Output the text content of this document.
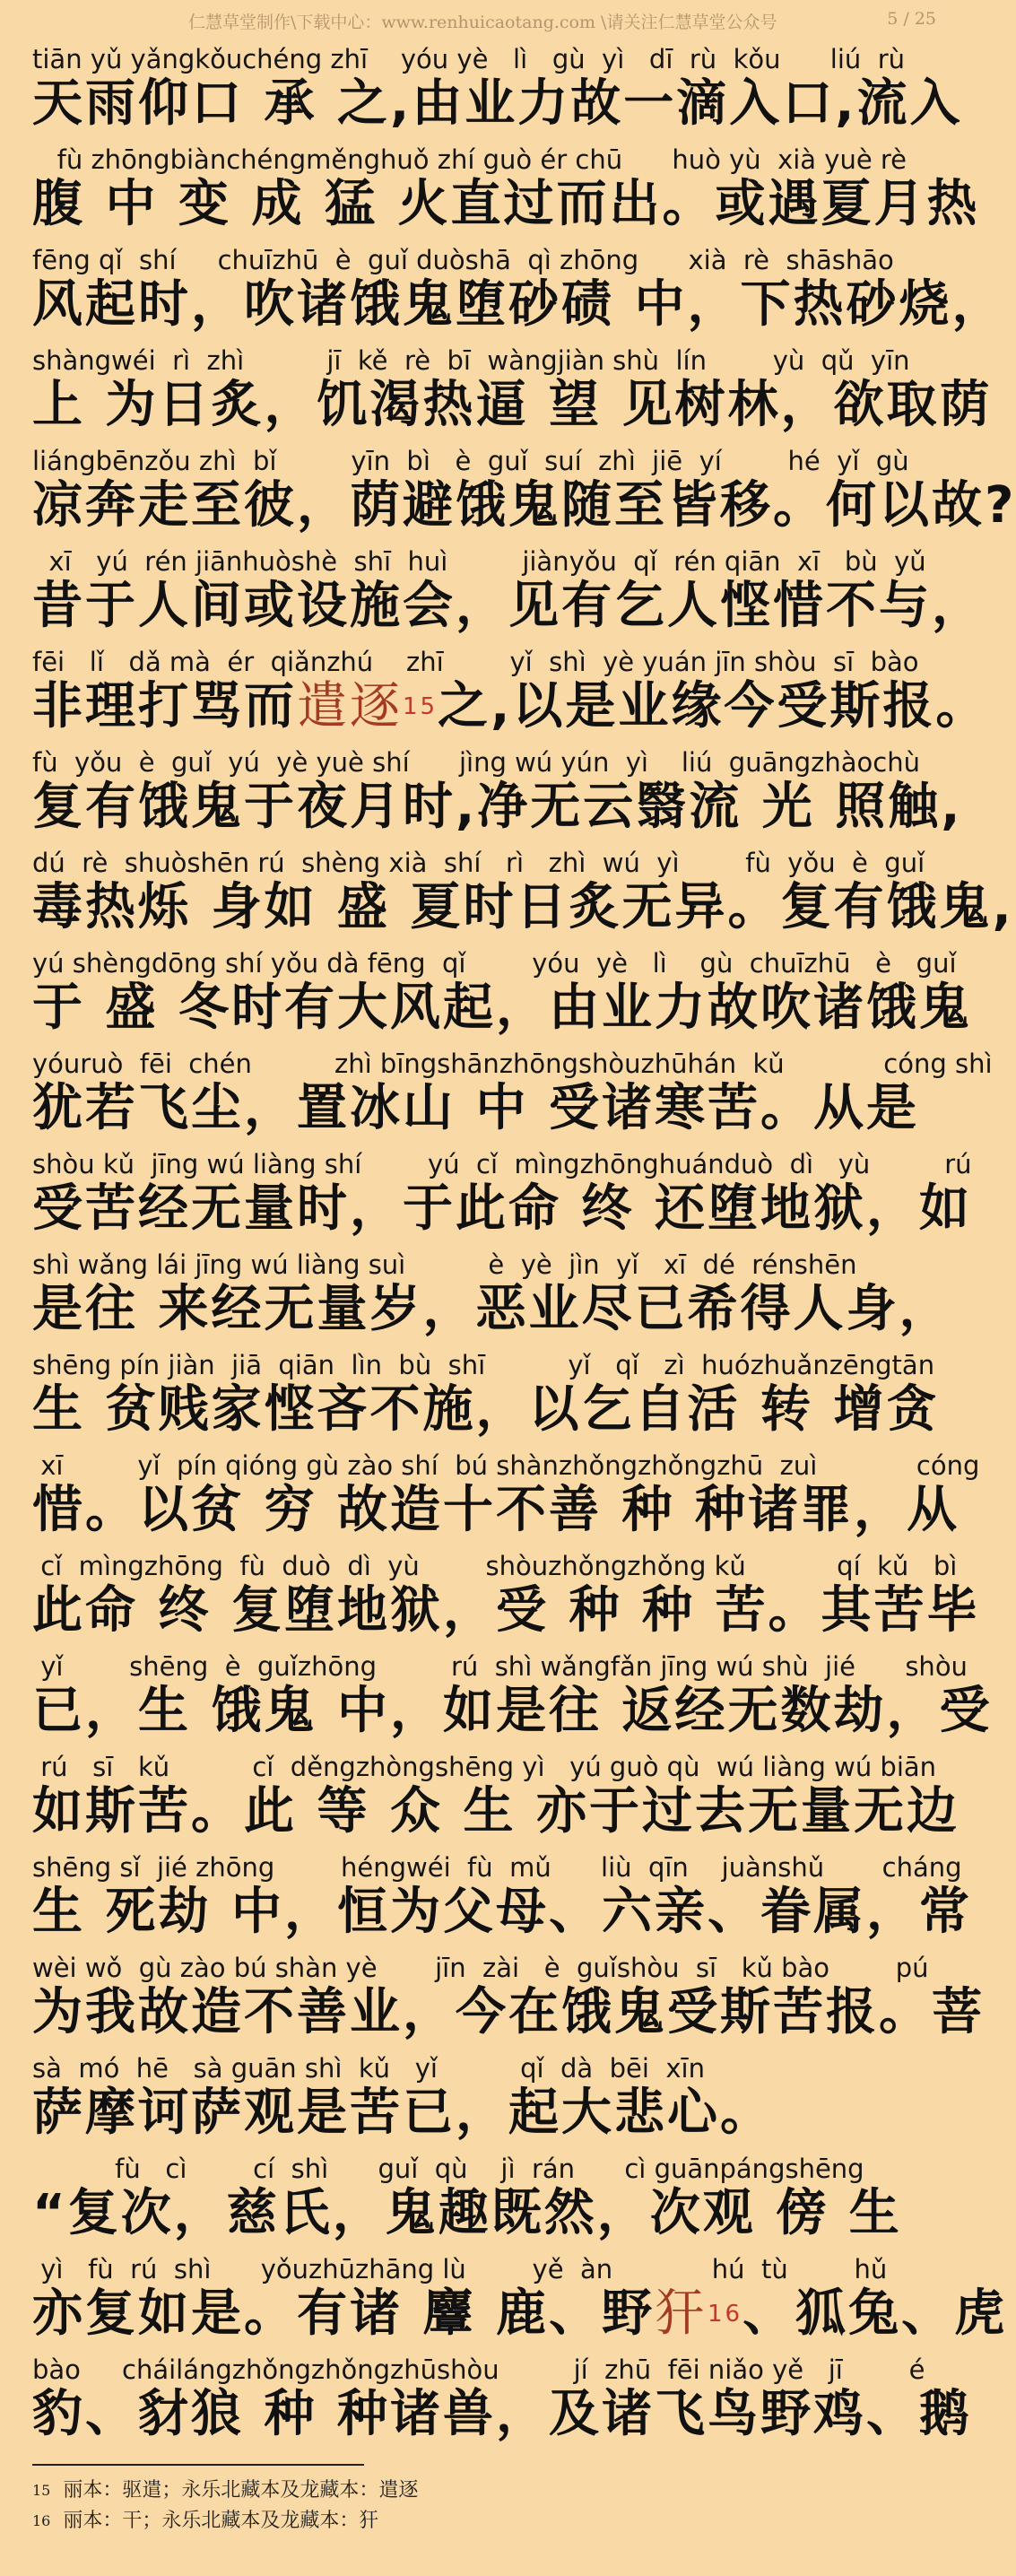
仁慧草堂制作\下载中心：www.renhuicaotang.com \请关注仁慧草堂公众号	5 / 25
tiān yǔ yǎngkǒuchéng zhī    yóu yè   lì   gù  yì   dī  rù  kǒu      liú  rù
天雨仰口 承 之,由业力故一滴入口,流入
fù zhōngbiànchéngměnghuǒ zhí guò ér chū      huò yù  xià yuè rè
腹 中 变 成 猛 火直过而出。或遇夏月热
fēng qǐ  shí     chuīzhū  è  guǐ duòshā  qì zhōng      xià  rè  shāshāo
风起时，吹诸饿鬼堕砂碛 中，下热砂烧，
shàngwéi  rì  zhì          jī  kě  rè  bī  wàngjiàn shù  lín        yù  qǔ  yīn
上 为日炙，饥渴热逼 望 见树林，欲取荫
liángbēnzǒu zhì  bǐ         yīn  bì   è  guǐ  suí  zhì  jiē  yí        hé  yǐ  gù
凉奔走至彼，荫避饿鬼随至皆移。何以故?
xī   yú  rén jiānhuòshè  shī  huì         jiànyǒu  qǐ  rén qiān  xī   bù  yǔ
昔于人间或设施会，见有乞人悭惜不与，
fēi   lǐ   dǎ mà  ér  qiǎnzhú    zhī        yǐ  shì  yè yuán jīn shòu  sī  bào
非理打骂而遣逐$^{15}$之,以是业缘今受斯报。
fù  yǒu  è  guǐ  yú  yè yuè shí      jìng wú yún  yì    liú  guāngzhàochù
复有饿鬼于夜月时,净无云翳流 光 照触,
dú  rè  shuòshēn rú  shèng xià  shí   rì   zhì  wú  yì        fù  yǒu  è  guǐ
毒热烁 身如 盛 夏时日炙无异。复有饿鬼,
yú shèngdōng shí yǒu dà fēng  qǐ        yóu  yè   lì    gù  chuīzhū   è   guǐ
于 盛 冬时有大风起，由业力故吹诸饿鬼
yóuruò  fēi  chén          zhì bīngshānzhōngshòuzhūhán  kǔ            cóng shì
犹若飞尘，置冰山 中 受诸寒苦。从是
shòu kǔ  jīng wú liàng shí        yú  cǐ  mìngzhōnghuánduò  dì   yù         rú
受苦经无量时，于此命 终 还堕地狱，如
shì wǎng lái jīng wú liàng suì          è  yè  jìn  yǐ   xī  dé  rénshēn
是往 来经无量岁，恶业尽已希得人身，
shēng pín jiàn  jiā  qiān  lìn  bù  shī          yǐ   qǐ   zì  huózhuǎnzēngtān
生 贫贱家悭吝不施，以乞自活 转 增贪
xī         yǐ  pín qióng gù zào shí  bú shànzhǒngzhǒngzhū  zuì            cóng
惜。以贫 穷 故造十不善 种 种诸罪，从
cǐ  mìngzhōng  fù  duò  dì  yù        shòuzhǒngzhǒng kǔ           qí  kǔ   bì
此命 终 复堕地狱，受 种 种 苦。其苦毕
yǐ        shēng  è  guǐzhōng         rú  shì wǎngfǎn jīng wú shù  jié      shòu
已，生 饿鬼 中，如是往 返经无数劫，受
rú   sī   kǔ          cǐ  děngzhòngshēng yì   yú guò qù  wú liàng wú biān
如斯苦。此 等 众 生 亦于过去无量无边
shēng sǐ  jié zhōng        héngwéi  fù  mǔ      liù  qīn    juànshǔ       cháng
生 死劫 中，恒为父母、六亲、眷属，常
wèi wǒ  gù zào bú shàn yè       jīn  zài   è  guǐshòu  sī   kǔ bào        pú
为我故造不善业，今在饿鬼受斯苦报。菩
sà  mó  hē   sà guān shì  kǔ   yǐ          qǐ  dà  bēi  xīn
萨摩诃萨观是苦已，起大悲心。
fù   cì        cí  shì      guǐ  qù    jì  rán      cì guānpángshēng
“复次，慈氏，鬼趣既然，次观 傍 生
yì   fù  rú  shì      yǒuzhūzhāng lù        yě  àn            hú  tù        hǔ
亦复如是。有诸 麞 鹿、野犴$^{16}$、狐兔、虎
bào     cháilángzhǒngzhǒngzhūshòu         jí  zhū  fēi niǎo yě   jī        é
豹、豺狼 种 种诸兽，及诸飞鸟野鸡、鹅
$^{15}$ 丽本：驱遣；永乐北藏本及龙藏本：遣逐
$^{16}$ 丽本：干；永乐北藏本及龙藏本：犴
